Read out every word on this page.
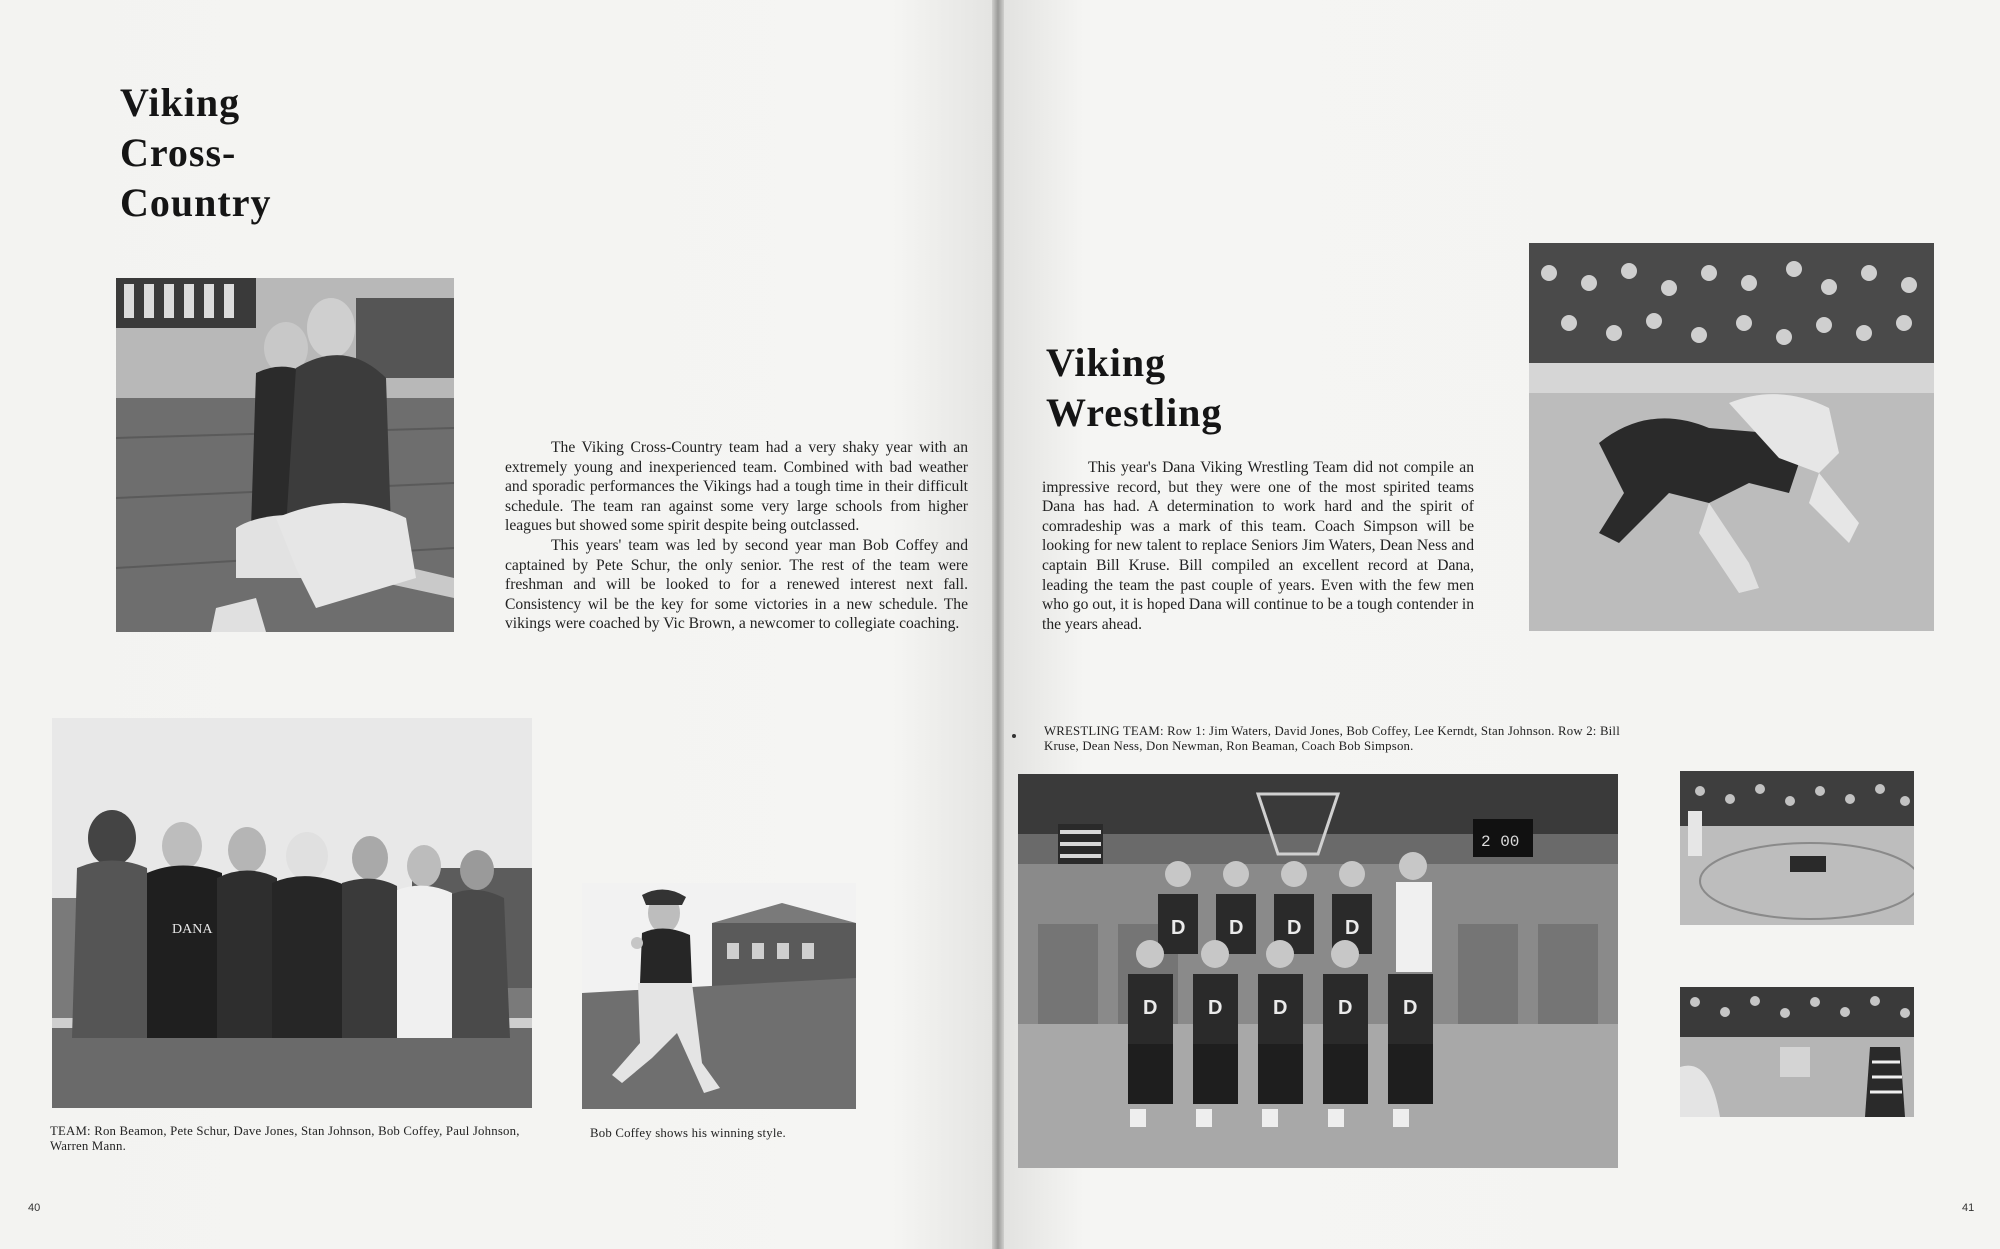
Viking
Cross-
Country

The Viking Cross-Country team had a very shaky year with an extremely young and inexperienced team. Combined with bad weather and sporadic performances the Vikings had a tough time in their difficult schedule. The team ran against some very large schools from higher leagues but showed some spirit despite being outclassed.

This years' team was led by second year man Bob Coffey and captained by Pete Schur, the only senior. The rest of the team were freshman and will be looked to for a renewed interest next fall. Consistency wil be the key for some victories in a new schedule. The vikings were coached by Vic Brown, a newcomer to collegiate coaching.

DANA
TEAM: Ron Beamon, Pete Schur, Dave Jones, Stan Johnson, Bob Coffey, Paul Johnson, Warren Mann.
Bob Coffey shows his winning style.
40
Viking
Wrestling

This year's Dana Viking Wrestling Team did not compile an impressive record, but they were one of the most spirited teams Dana has had. A determination to work hard and the spirit of comradeship was a mark of this team. Coach Simpson will be looking for new talent to replace Seniors Jim Waters, Dean Ness and captain Bill Kruse. Bill compiled an excellent record at Dana, leading the team the past couple of years. Even with the few men who go out, it is hoped Dana will continue to be a tough contender in the years ahead.

WRESTLING TEAM: Row 1: Jim Waters, David Jones, Bob Coffey, Lee Kerndt, Stan Johnson. Row 2: Bill Kruse, Dean Ness, Don Newman, Ron Beaman, Coach Bob Simpson.
2 00
D D D D
D	D	D	D	D
41
